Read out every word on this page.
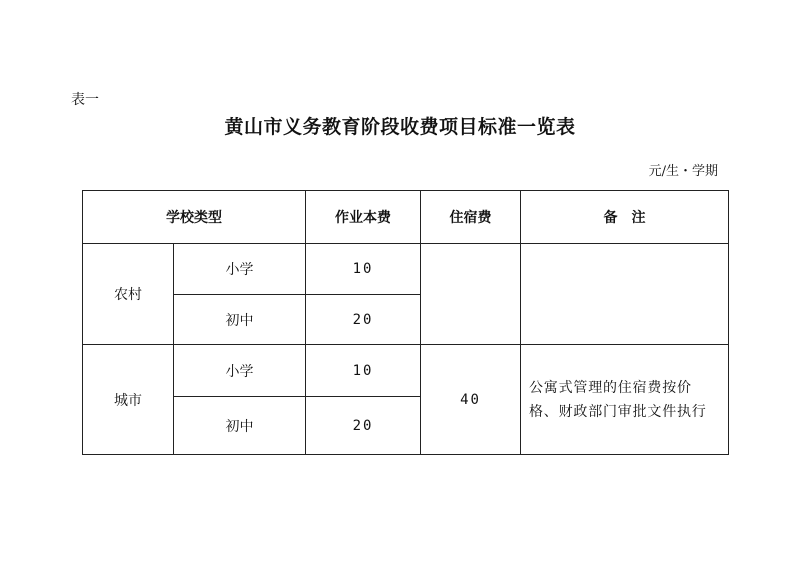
表一
黄山市义务教育阶段收费项目标准一览表
元/生・学期
学校类型		作业本费	住宿费	备　注
农村	小学	10		
	初中	20		
城市	小学	10	40	公寓式管理的住宿费按价格、财政部门审批文件执行
	初中	20		
